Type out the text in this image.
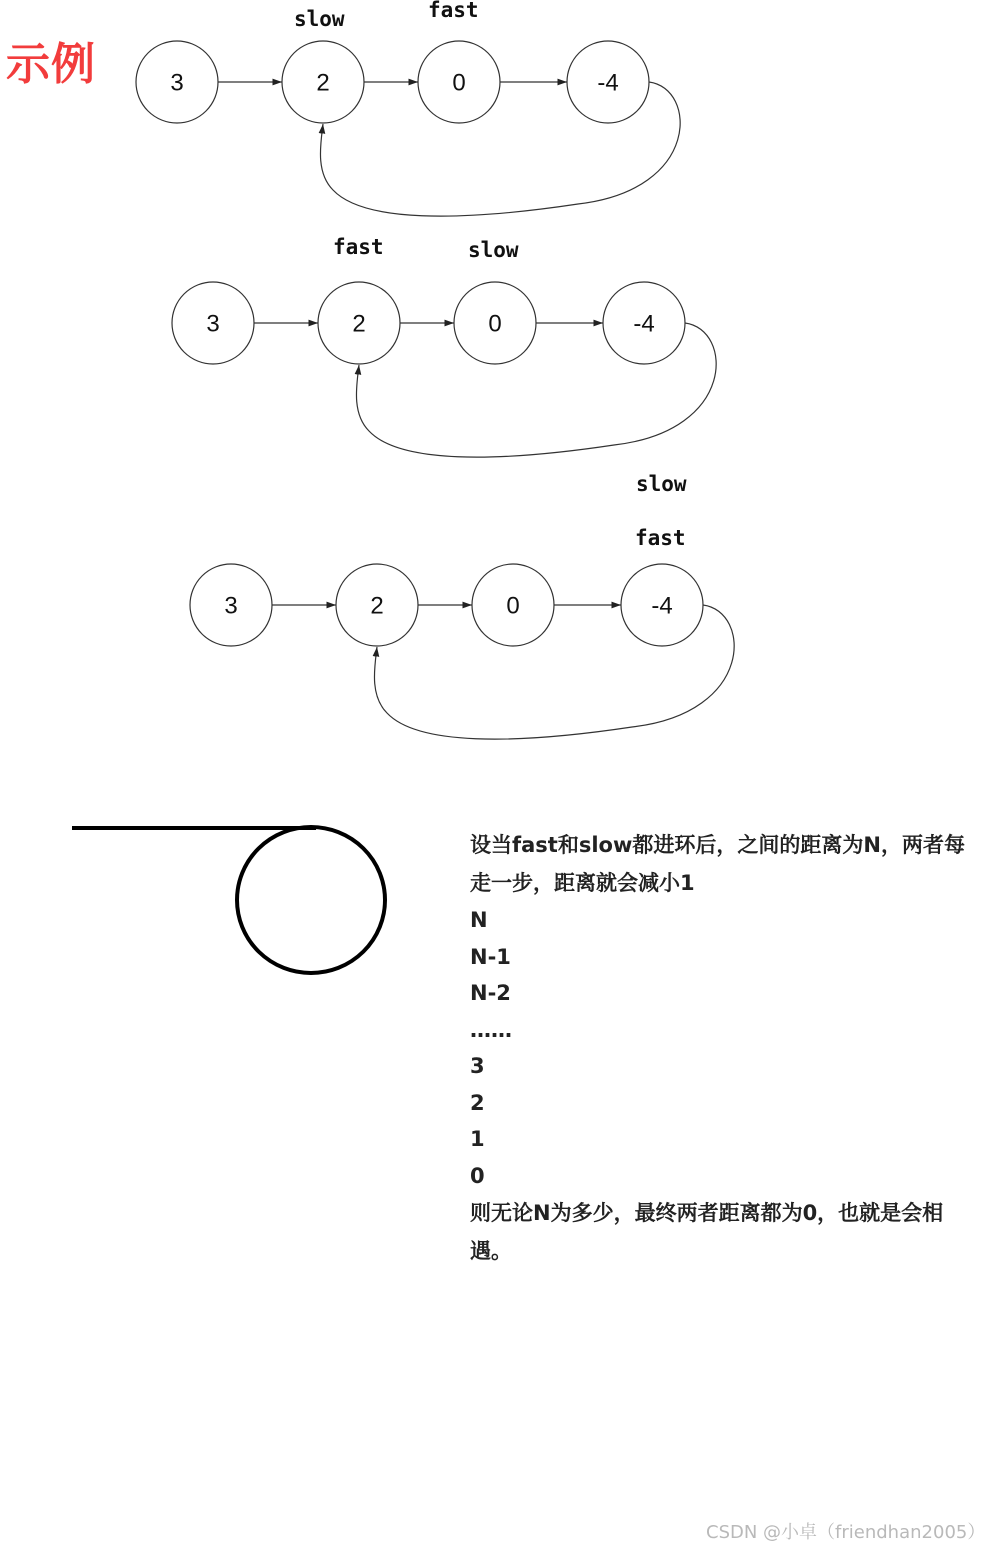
示例	3	2	0	-4
slow	fast
3	2	0	-4
fast	slow
3	2	0	-4
slow
fast
设当fast和slow都进环后，之间的距离为N，两者每走一步，距离就会减小1
N
N-1
N-2
……
3
2
1
0
则无论N为多少，最终两者距离都为0，也就是会相遇。
CSDN @小卓（friendhan2005）
